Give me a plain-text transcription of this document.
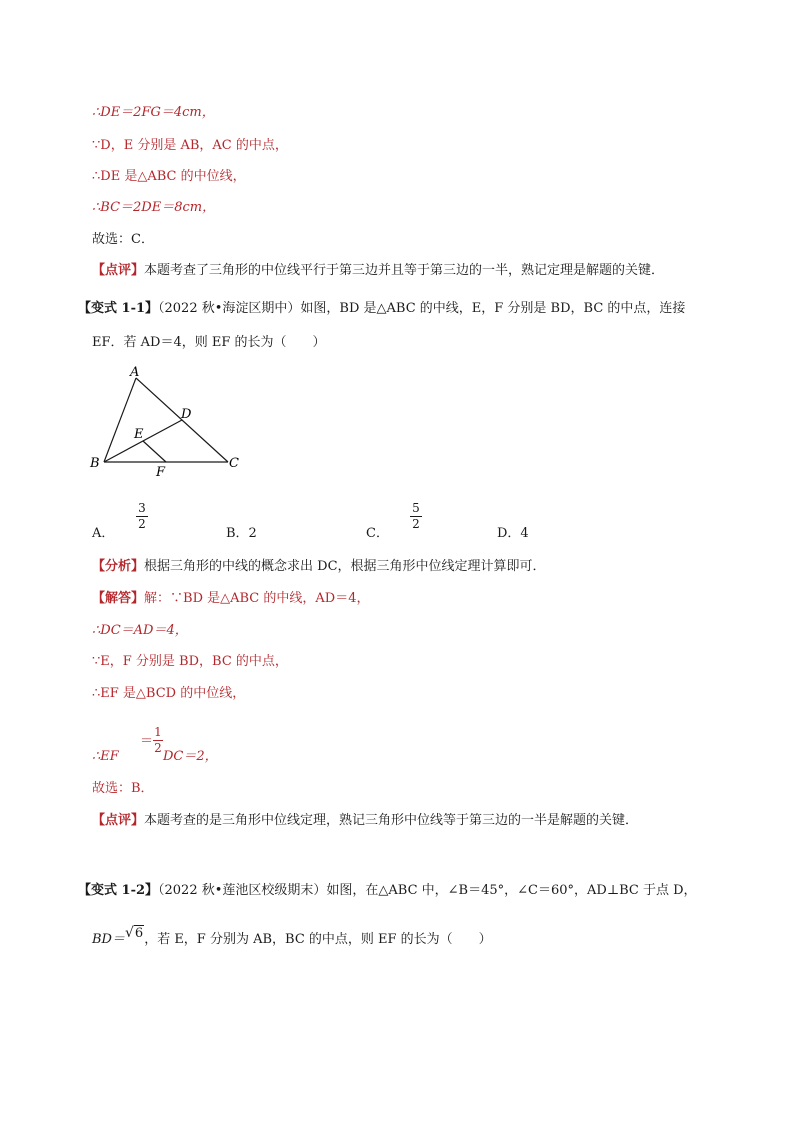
∴DE＝2FG＝4cm，
∵D，E 分别是 AB，AC 的中点，
∴DE 是△ABC 的中位线，
∴BC＝2DE＝8cm，
故选：C．
【点评】本题考查了三角形的中位线平行于第三边并且等于第三边的一半，熟记定理是解题的关键．
【变式 1-1】（2022 秋•海淀区期中）如图，BD 是△ABC 的中线，E，F 分别是 BD，BC 的中点，连接
EF．若 AD＝4，则 EF 的长为（　　）
A
B	C
D
E
F
A．
3
2
B．2	C．
5
2
D．4
【分析】根据三角形的中线的概念求出 DC，根据三角形中位线定理计算即可．
【解答】解：∵BD 是△ABC 的中线，AD＝4，
∴DC＝AD＝4，
∵E，F 分别是 BD，BC 的中点，
∴EF 是△BCD 的中位线，
∴EF
＝
1
2
DC＝2，
故选：B．
【点评】本题考查的是三角形中位线定理，熟记三角形中位线等于第三边的一半是解题的关键．
【变式 1-2】（2022 秋•莲池区校级期末）如图，在△ABC 中，∠B＝45°，∠C＝60°，AD⊥BC 于点 D，
BD＝√6，若 E，F 分别为 AB，BC 的中点，则 EF 的长为（　　）
